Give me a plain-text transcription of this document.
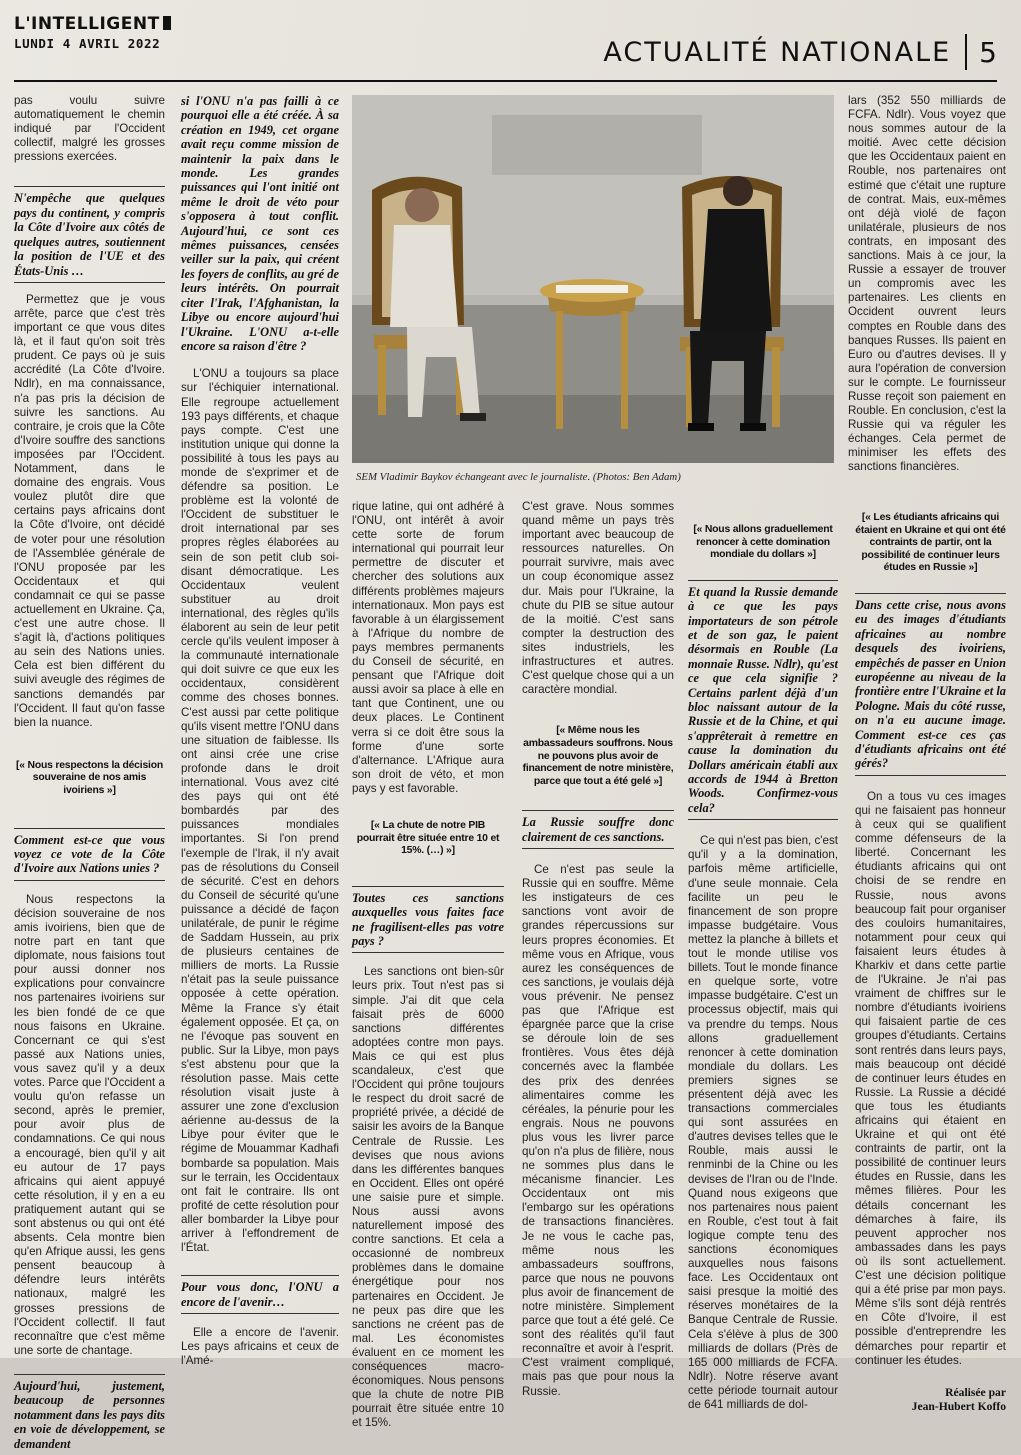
L'INTELLIGENT
LUNDI 4 AVRIL 2022	ACTUALITÉ NATIONALE 5
SEM Vladimir Baykov échangeant avec le journaliste. (Photos: Ben Adam)

pas voulu suivre automatiquement le chemin indiqué par l'Occident collectif, malgré les grosses pressions exercées.

N'empêche que quelques pays du continent, y compris la Côte d'Ivoire aux côtés de quelques autres, soutiennent la position de l'UE et des États-Unis …

Permettez que je vous arrête, parce que c'est très important ce que vous dites là, et il faut qu'on soit très prudent. Ce pays où je suis accrédité (La Côte d'Ivoire. Ndlr), en ma connaissance, n'a pas pris la décision de suivre les sanctions. Au contraire, je crois que la Côte d'Ivoire souffre des sanctions imposées par l'Occident. Notamment, dans le domaine des engrais. Vous voulez plutôt dire que certains pays africains dont la Côte d'Ivoire, ont décidé de voter pour une résolution de l'Assemblée générale de l'ONU proposée par les Occidentaux et qui condamnait ce qui se passe actuellement en Ukraine. Ça, c'est une autre chose. Il s'agit là, d'actions politiques au sein des Nations unies. Cela est bien différent du suivi aveugle des régimes de sanctions demandés par l'Occident. Il faut qu'on fasse bien la nuance.

[« Nous respectons la décision souveraine de nos amis ivoiriens »]

Comment est-ce que vous voyez ce vote de la Côte d'Ivoire aux Nations unies ?

Nous respectons la décision souveraine de nos amis ivoiriens, bien que de notre part en tant que diplomate, nous faisions tout pour aussi donner nos explications pour convaincre nos partenaires ivoiriens sur les bien fondé de ce que nous faisons en Ukraine. Concernant ce qui s'est passé aux Nations unies, vous savez qu'il y a deux votes. Parce que l'Occident a voulu qu'on refasse un second, après le premier, pour avoir plus de condamnations. Ce qui nous a encouragé, bien qu'il y ait eu autour de 17 pays africains qui aient appuyé cette résolution, il y en a eu pratiquement autant qui se sont abstenus ou qui ont été absents. Cela montre bien qu'en Afrique aussi, les gens pensent beaucoup à défendre leurs intérêts nationaux, malgré les grosses pressions de l'Occident collectif. Il faut reconnaître que c'est même une sorte de chantage.

Aujourd'hui, justement, beaucoup de personnes notamment dans les pays dits en voie de développement, se demandent

si l'ONU n'a pas failli à ce pourquoi elle a été créée. À sa création en 1949, cet organe avait reçu comme mission de maintenir la paix dans le monde. Les grandes puissances qui l'ont initié ont même le droit de véto pour s'opposera à tout conflit. Aujourd'hui, ce sont ces mêmes puissances, censées veiller sur la paix, qui créent les foyers de conflits, au gré de leurs intérêts. On pourrait citer l'Irak, l'Afghanistan, la Libye ou encore aujourd'hui l'Ukraine. L'ONU a-t-elle encore sa raison d'être ?

L'ONU a toujours sa place sur l'échiquier international. Elle regroupe actuellement 193 pays différents, et chaque pays compte. C'est une institution unique qui donne la possibilité à tous les pays au monde de s'exprimer et de défendre sa position. Le problème est la volonté de l'Occident de substituer le droit international par ses propres règles élaborées au sein de son petit club soi-disant démocratique. Les Occidentaux veulent substituer au droit international, des règles qu'ils élaborent au sein de leur petit cercle qu'ils veulent imposer à la communauté internationale qui doit suivre ce que eux les occidentaux, considèrent comme des choses bonnes. C'est aussi par cette politique qu'ils visent mettre l'ONU dans une situation de faiblesse. Ils ont ainsi crée une crise profonde dans le droit international. Vous avez cité des pays qui ont été bombardés par des puissances mondiales importantes. Si l'on prend l'exemple de l'Irak, il n'y avait pas de résolutions du Conseil de sécurité. C'est en dehors du Conseil de sécurité qu'une puissance a décidé de façon unilatérale, de punir le régime de Saddam Hussein, au prix de plusieurs centaines de milliers de morts. La Russie n'était pas la seule puissance opposée à cette opération. Même la France s'y était également opposée. Et ça, on ne l'évoque pas souvent en public. Sur la Libye, mon pays s'est abstenu pour que la résolution passe. Mais cette résolution visait juste à assurer une zone d'exclusion aérienne au-dessus de la Libye pour éviter que le régime de Mouammar Kadhafi bombarde sa population. Mais sur le terrain, les Occidentaux ont fait le contraire. Ils ont profité de cette résolution pour aller bombarder la Libye pour arriver à l'effondrement de l'État.

Pour vous donc, l'ONU a encore de l'avenir…

Elle a encore de l'avenir. Les pays africains et ceux de l'Amé-

rique latine, qui ont adhéré à l'ONU, ont intérêt à avoir cette sorte de forum international qui pourrait leur permettre de discuter et chercher des solutions aux différents problèmes majeurs internationaux. Mon pays est favorable à un élargissement à l'Afrique du nombre de pays membres permanents du Conseil de sécurité, en pensant que l'Afrique doit aussi avoir sa place à elle en tant que Continent, une ou deux places. Le Continent verra si ce doit être sous la forme d'une sorte d'alternance. L'Afrique aura son droit de véto, et mon pays y est favorable.

[« La chute de notre PIB pourrait être située entre 10 et 15%. (…) »]

Toutes ces sanctions auxquelles vous faites face ne fragilisent-elles pas votre pays ?

Les sanctions ont bien-sûr leurs prix. Tout n'est pas si simple. J'ai dit que cela faisait près de 6000 sanctions différentes adoptées contre mon pays. Mais ce qui est plus scandaleux, c'est que l'Occident qui prône toujours le respect du droit sacré de propriété privée, a décidé de saisir les avoirs de la Banque Centrale de Russie. Les devises que nous avions dans les différentes banques en Occident. Elles ont opéré une saisie pure et simple. Nous aussi avons naturellement imposé des contre sanctions. Et cela a occasionné de nombreux problèmes dans le domaine énergétique pour nos partenaires en Occident. Je ne peux pas dire que les sanctions ne créent pas de mal. Les économistes évaluent en ce moment les conséquences macro-économiques. Nous pensons que la chute de notre PIB pourrait être située entre 10 et 15%.

C'est grave. Nous sommes quand même un pays très important avec beaucoup de ressources naturelles. On pourrait survivre, mais avec un coup économique assez dur. Mais pour l'Ukraine, la chute du PIB se situe autour de la moitié. C'est sans compter la destruction des sites industriels, les infrastructures et autres. C'est quelque chose qui a un caractère mondial.

[« Même nous les ambassadeurs souffrons. Nous ne pouvons plus avoir de financement de notre ministère, parce que tout a été gelé »]

La Russie souffre donc clairement de ces sanctions.

Ce n'est pas seule la Russie qui en souffre. Même les instigateurs de ces sanctions vont avoir de grandes répercussions sur leurs propres économies. Et même vous en Afrique, vous aurez les conséquences de ces sanctions, je voulais déjà vous prévenir. Ne pensez pas que l'Afrique est épargnée parce que la crise se déroule loin de ses frontières. Vous êtes déjà concernés avec la flambée des prix des denrées alimentaires comme les céréales, la pénurie pour les engrais. Nous ne pouvons plus vous les livrer parce qu'on n'a plus de filière, nous ne sommes plus dans le mécanisme financier. Les Occidentaux ont mis l'embargo sur les opérations de transactions financières. Je ne vous le cache pas, même nous les ambassadeurs souffrons, parce que nous ne pouvons plus avoir de financement de notre ministère. Simplement parce que tout a été gelé. Ce sont des réalités qu'il faut reconnaître et avoir à l'esprit. C'est vraiment compliqué, mais pas que pour nous la Russie.

lars (352 550 milliards de FCFA. Ndlr). Vous voyez que nous sommes autour de la moitié. Avec cette décision que les Occidentaux paient en Rouble, nos partenaires ont estimé que c'était une rupture de contrat. Mais, eux-mêmes ont déjà violé de façon unilatérale, plusieurs de nos contrats, en imposant des sanctions. Mais à ce jour, la Russie a essayer de trouver un compromis avec les partenaires. Les clients en Occident ouvrent leurs comptes en Rouble dans des banques Russes. Ils paient en Euro ou d'autres devises. Il y aura l'opération de conversion sur le compte. Le fournisseur Russe reçoit son paiement en Rouble. En conclusion, c'est la Russie qui va réguler les échanges. Cela permet de minimiser les effets des sanctions financières.

[« Nous allons graduellement renoncer à cette domination mondiale du dollars »]

Et quand la Russie demande à ce que les pays importateurs de son pétrole et de son gaz, le paient désormais en Rouble (La monnaie Russe. Ndlr), qu'est ce que cela signifie ? Certains parlent déjà d'un bloc naissant autour de la Russie et de la Chine, et qui s'apprêterait à remettre en cause la domination du Dollars américain établi aux accords de 1944 à Bretton Woods. Confirmez-vous cela?

Ce qui n'est pas bien, c'est qu'il y a la domination, parfois même artificielle, d'une seule monnaie. Cela facilite un peu le financement de son propre impasse budgétaire. Vous mettez la planche à billets et tout le monde utilise vos billets. Tout le monde finance en quelque sorte, votre impasse budgétaire. C'est un processus objectif, mais qui va prendre du temps. Nous allons graduellement renoncer à cette domination mondiale du dollars. Les premiers signes se présentent déjà avec les transactions commerciales qui sont assurées en d'autres devises telles que le Rouble, mais aussi le renminbi de la Chine ou les devises de l'Iran ou de l'Inde. Quand nous exigeons que nos partenaires nous paient en Rouble, c'est tout à fait logique compte tenu des sanctions économiques auxquelles nous faisons face. Les Occidentaux ont saisi presque la moitié des réserves monétaires de la Banque Centrale de Russie. Cela s'élève à plus de 300 milliards de dollars (Près de 165 000 milliards de FCFA. Ndlr). Notre réserve avant cette période tournait autour de 641 milliards de dol-

[« Les étudiants africains qui étaient en Ukraine et qui ont été contraints de partir, ont la possibilité de continuer leurs études en Russie »]

Dans cette crise, nous avons eu des images d'étudiants africaines au nombre desquels des ivoiriens, empêchés de passer en Union européenne au niveau de la frontière entre l'Ukraine et la Pologne. Mais du côté russe, on n'a eu aucune image. Comment est-ce ces ças d'étudiants africains ont été gérés?

On a tous vu ces images qui ne faisaient pas honneur à ceux qui se qualifient comme défenseurs de la liberté. Concernant les étudiants africains qui ont choisi de se rendre en Russie, nous avons beaucoup fait pour organiser des couloirs humanitaires, notamment pour ceux qui faisaient leurs études à Kharkiv et dans cette partie de l'Ukraine. Je n'ai pas vraiment de chiffres sur le nombre d'étudiants ivoiriens qui faisaient partie de ces groupes d'étudiants. Certains sont rentrés dans leurs pays, mais beaucoup ont décidé de continuer leurs études en Russie. La Russie a décidé que tous les étudiants africains qui étaient en Ukraine et qui ont été contraints de partir, ont la possibilité de continuer leurs études en Russie, dans les mêmes filières. Pour les détails concernant les démarches à faire, ils peuvent approcher nos ambassades dans les pays où ils sont actuellement. C'est une décision politique qui a été prise par mon pays. Même s'ils sont déjà rentrés en Côte d'Ivoire, il est possible d'entreprendre les démarches pour repartir et continuer les études.

Réalisée par
Jean-Hubert Koffo
